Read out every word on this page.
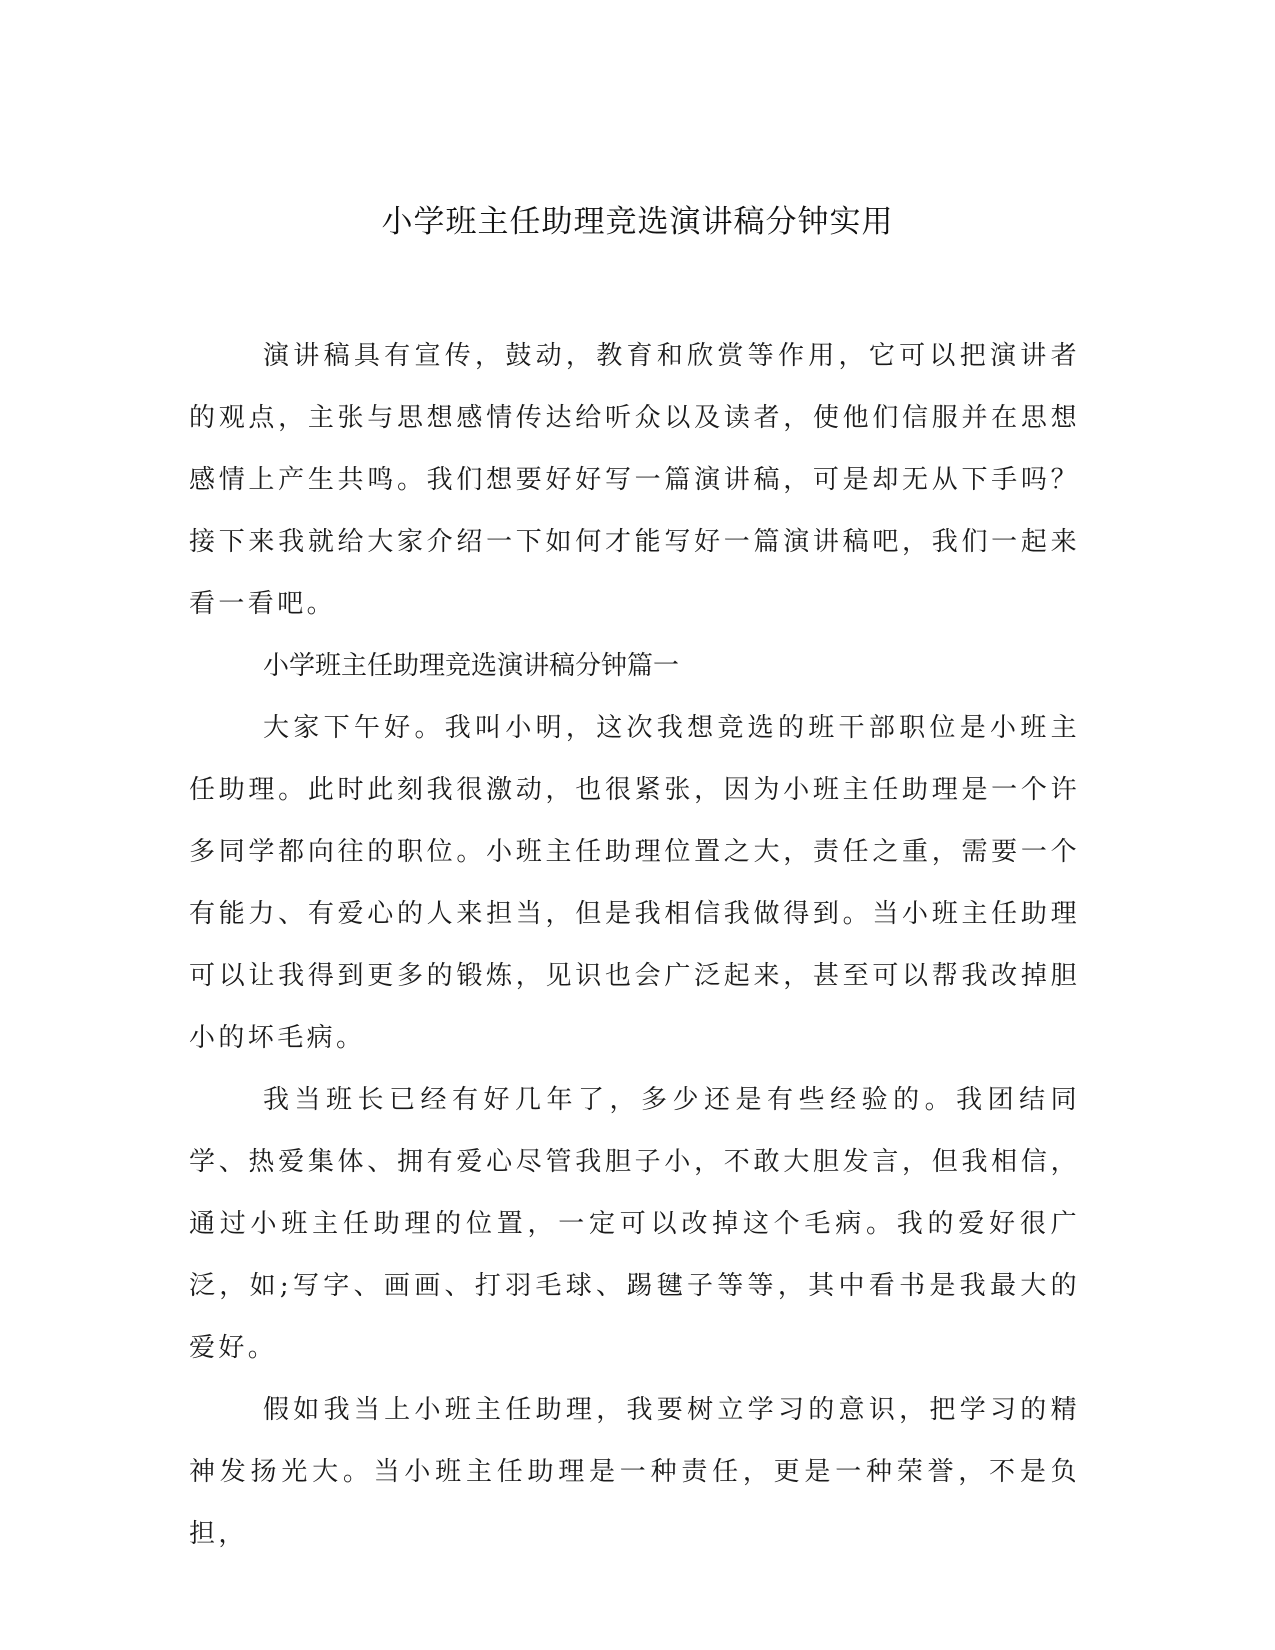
小学班主任助理竞选演讲稿分钟实用

演讲稿具有宣传，鼓动，教育和欣赏等作用，它可以把演讲者的观点，主张与思想感情传达给听众以及读者，使他们信服并在思想感情上产生共鸣。我们想要好好写一篇演讲稿，可是却无从下手吗？接下来我就给大家介绍一下如何才能写好一篇演讲稿吧，我们一起来看一看吧。

小学班主任助理竞选演讲稿分钟篇一

大家下午好。我叫小明，这次我想竞选的班干部职位是小班主任助理。此时此刻我很激动，也很紧张，因为小班主任助理是一个许多同学都向往的职位。小班主任助理位置之大，责任之重，需要一个有能力、有爱心的人来担当，但是我相信我做得到。当小班主任助理可以让我得到更多的锻炼，见识也会广泛起来，甚至可以帮我改掉胆小的坏毛病。

我当班长已经有好几年了，多少还是有些经验的。我团结同学、热爱集体、拥有爱心尽管我胆子小，不敢大胆发言，但我相信，通过小班主任助理的位置，一定可以改掉这个毛病。我的爱好很广泛，如;写字、画画、打羽毛球、踢毽子等等，其中看书是我最大的爱好。

假如我当上小班主任助理，我要树立学习的意识，把学习的精神发扬光大。当小班主任助理是一种责任，更是一种荣誉，不是负担，
